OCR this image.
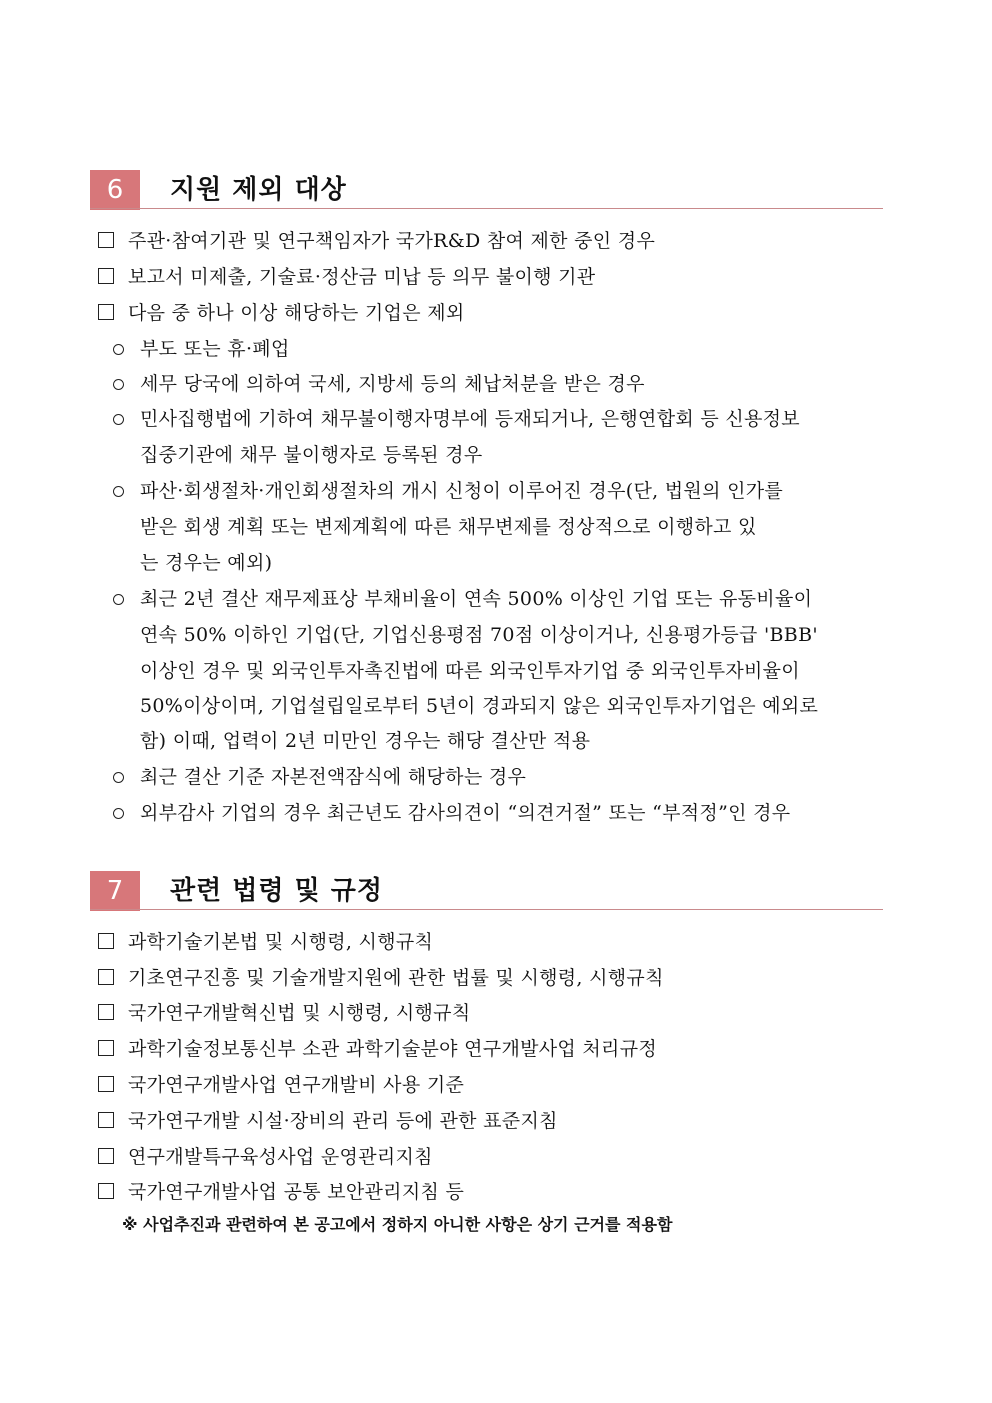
6	지원 제외 대상
주관·참여기관 및 연구책임자가 국가R&D 참여 제한 중인 경우
보고서 미제출, 기술료·정산금 미납 등 의무 불이행 기관
다음 중 하나 이상 해당하는 기업은 제외
부도 또는 휴·폐업
세무 당국에 의하여 국세, 지방세 등의 체납처분을 받은 경우
민사집행법에 기하여 채무불이행자명부에 등재되거나, 은행연합회 등 신용정보
집중기관에 채무 불이행자로 등록된 경우
파산·회생절차·개인회생절차의 개시 신청이 이루어진 경우(단, 법원의 인가를
받은 회생 계획 또는 변제계획에 따른 채무변제를 정상적으로 이행하고 있
는 경우는 예외)
최근 2년 결산 재무제표상 부채비율이 연속 500% 이상인 기업 또는 유동비율이
연속 50% 이하인 기업(단, 기업신용평점 70점 이상이거나, 신용평가등급 'BBB'
이상인 경우 및 외국인투자촉진법에 따른 외국인투자기업 중 외국인투자비율이
50%이상이며, 기업설립일로부터 5년이 경과되지 않은 외국인투자기업은 예외로
함) 이때, 업력이 2년 미만인 경우는 해당 결산만 적용
최근 결산 기준 자본전액잠식에 해당하는 경우
외부감사 기업의 경우 최근년도 감사의견이 “의견거절” 또는 “부적정”인 경우
7	관련 법령 및 규정
과학기술기본법 및 시행령, 시행규칙
기초연구진흥 및 기술개발지원에 관한 법률 및 시행령, 시행규칙
국가연구개발혁신법 및 시행령, 시행규칙
과학기술정보통신부 소관 과학기술분야 연구개발사업 처리규정
국가연구개발사업 연구개발비 사용 기준
국가연구개발 시설·장비의 관리 등에 관한 표준지침
연구개발특구육성사업 운영관리지침
국가연구개발사업 공통 보안관리지침 등
※ 사업추진과 관련하여 본 공고에서 정하지 아니한 사항은 상기 근거를 적용함
